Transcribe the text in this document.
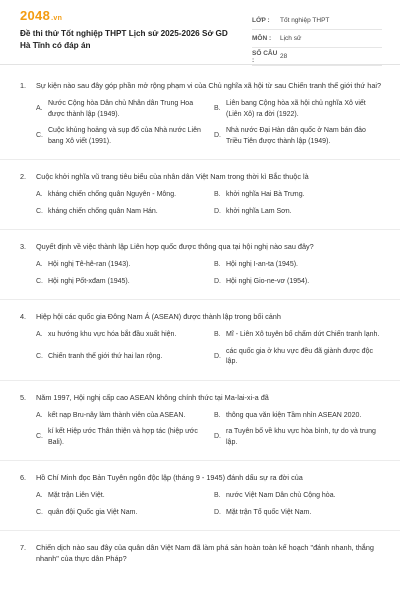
2048.vn
Đề thi thử Tốt nghiệp THPT Lịch sử 2025-2026 Sở GD Hà Tĩnh có đáp án
LỚP :	Tốt nghiệp THPT
MÔN :	Lịch sử
SỐ CÂU :	28
1. Sự kiện nào sau đây góp phần mở rộng phạm vi của Chủ nghĩa xã hội từ sau Chiến tranh thế giới thứ hai?
A.
Nước Cộng hòa Dân chủ Nhân dân Trung Hoa được thành lập (1949).
B.
Liên bang Cộng hòa xã hội chủ nghĩa Xô viết (Liên Xô) ra đời (1922).
C.
Cuộc khủng hoảng và sụp đổ của Nhà nước Liên bang Xô viết (1991).
D.
Nhà nước Đại Hàn dân quốc ở Nam bán đảo Triều Tiên được thành lập (1949).
2. Cuộc khởi nghĩa vũ trang tiêu biểu của nhân dân Việt Nam trong thời kì Bắc thuộc là
A. kháng chiến chống quân Nguyên - Mông.	B. khởi nghĩa Hai Bà Trưng.
C. kháng chiến chống quân Nam Hán.	D. khởi nghĩa Lam Sơn.
3. Quyết định về việc thành lập Liên hợp quốc được thông qua tại hội nghị nào sau đây?
A. Hội nghị Tê-hê-ran (1943).	B. Hội nghị I-an-ta (1945).
C. Hội nghị Pốt-xđam (1945).	D. Hội nghị Gio-ne-vơ (1954).
4. Hiệp hội các quốc gia Đông Nam Á (ASEAN) được thành lập trong bối cảnh
A. xu hướng khu vực hóa bắt đầu xuất hiện.	B. Mĩ - Liên Xô tuyên bố chấm dứt Chiến tranh lạnh.
C. Chiến tranh thế giới thứ hai lan rộng.	D.
các quốc gia ở khu vực đều đã giành được độc lập.
5. Năm 1997, Hội nghị cấp cao ASEAN không chính thức tại Ma-lai-xi-a đã
A. kết nạp Bru-nây làm thành viên của ASEAN.	B. thông qua văn kiện Tầm nhìn ASEAN 2020.
C.
kí kết Hiệp ước Thân thiện và hợp tác (hiệp ước Bali).
D.
ra Tuyên bố về khu vực hòa bình, tự do và trung lập.
6. Hồ Chí Minh đọc Bản Tuyên ngôn độc lập (tháng 9 - 1945) đánh dấu sự ra đời của
A. Mặt trận Liên Việt.	B. nước Việt Nam Dân chủ Cộng hòa.
C. quân đội Quốc gia Việt Nam.	D. Mặt trận Tổ quốc Việt Nam.
7. Chiến dịch nào sau đây của quân dân Việt Nam đã làm phá sản hoàn toàn kế hoạch "đánh nhanh, thắng nhanh" của thực dân Pháp?
